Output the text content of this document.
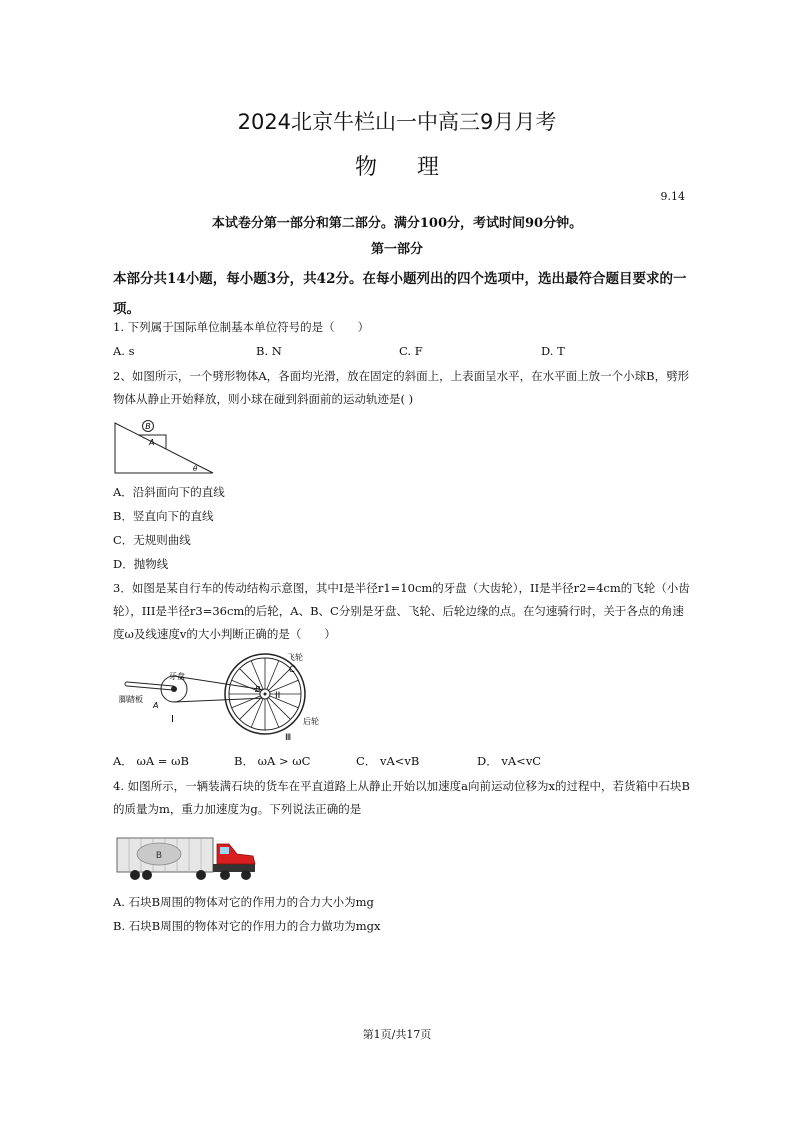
2024北京牛栏山一中高三9月月考
物理
9.14
本试卷分第一部分和第二部分。满分100分，考试时间90分钟。
第一部分
本部分共14小题，每小题3分，共42分。在每小题列出的四个选项中，选出最符合题目要求的一项。
1. 下列属于国际单位制基本单位符号的是（　　）
A. s	B. N	C. F	D. T
2、如图所示，一个劈形物体A，各面均光滑，放在固定的斜面上，上表面呈水平，在水平面上放一个小球B，劈形物体从静止开始释放，则小球在碰到斜面前的运动轨迹是( )
B
A
θ
A．沿斜面向下的直线
B．竖直向下的直线
C．无规则曲线
D．抛物线
3．如图是某自行车的传动结构示意图，其中I是半径r1=10cm的牙盘（大齿轮），II是半径r2=4cm的飞轮（小齿轮），III是半径r3=36cm的后轮，A、B、C分别是牙盘、飞轮、后轮边缘的点。在匀速骑行时，关于各点的角速度ω及线速度v的大小判断正确的是（　　）
牙盘
脚踏板
A
I
飞轮
C
B
II
后轮
Ⅲ
A． ωA = ωB	B． ωA > ωC	C． vA<vB	D． vA<vC
4. 如图所示，一辆装满石块的货车在平直道路上从静止开始以加速度a向前运动位移为x的过程中，若货箱中石块B的质量为m，重力加速度为g。下列说法正确的是
B
A. 石块B周围的物体对它的作用力的合力大小为mg
B. 石块B周围的物体对它的作用力的合力做功为mgx
第1页/共17页
